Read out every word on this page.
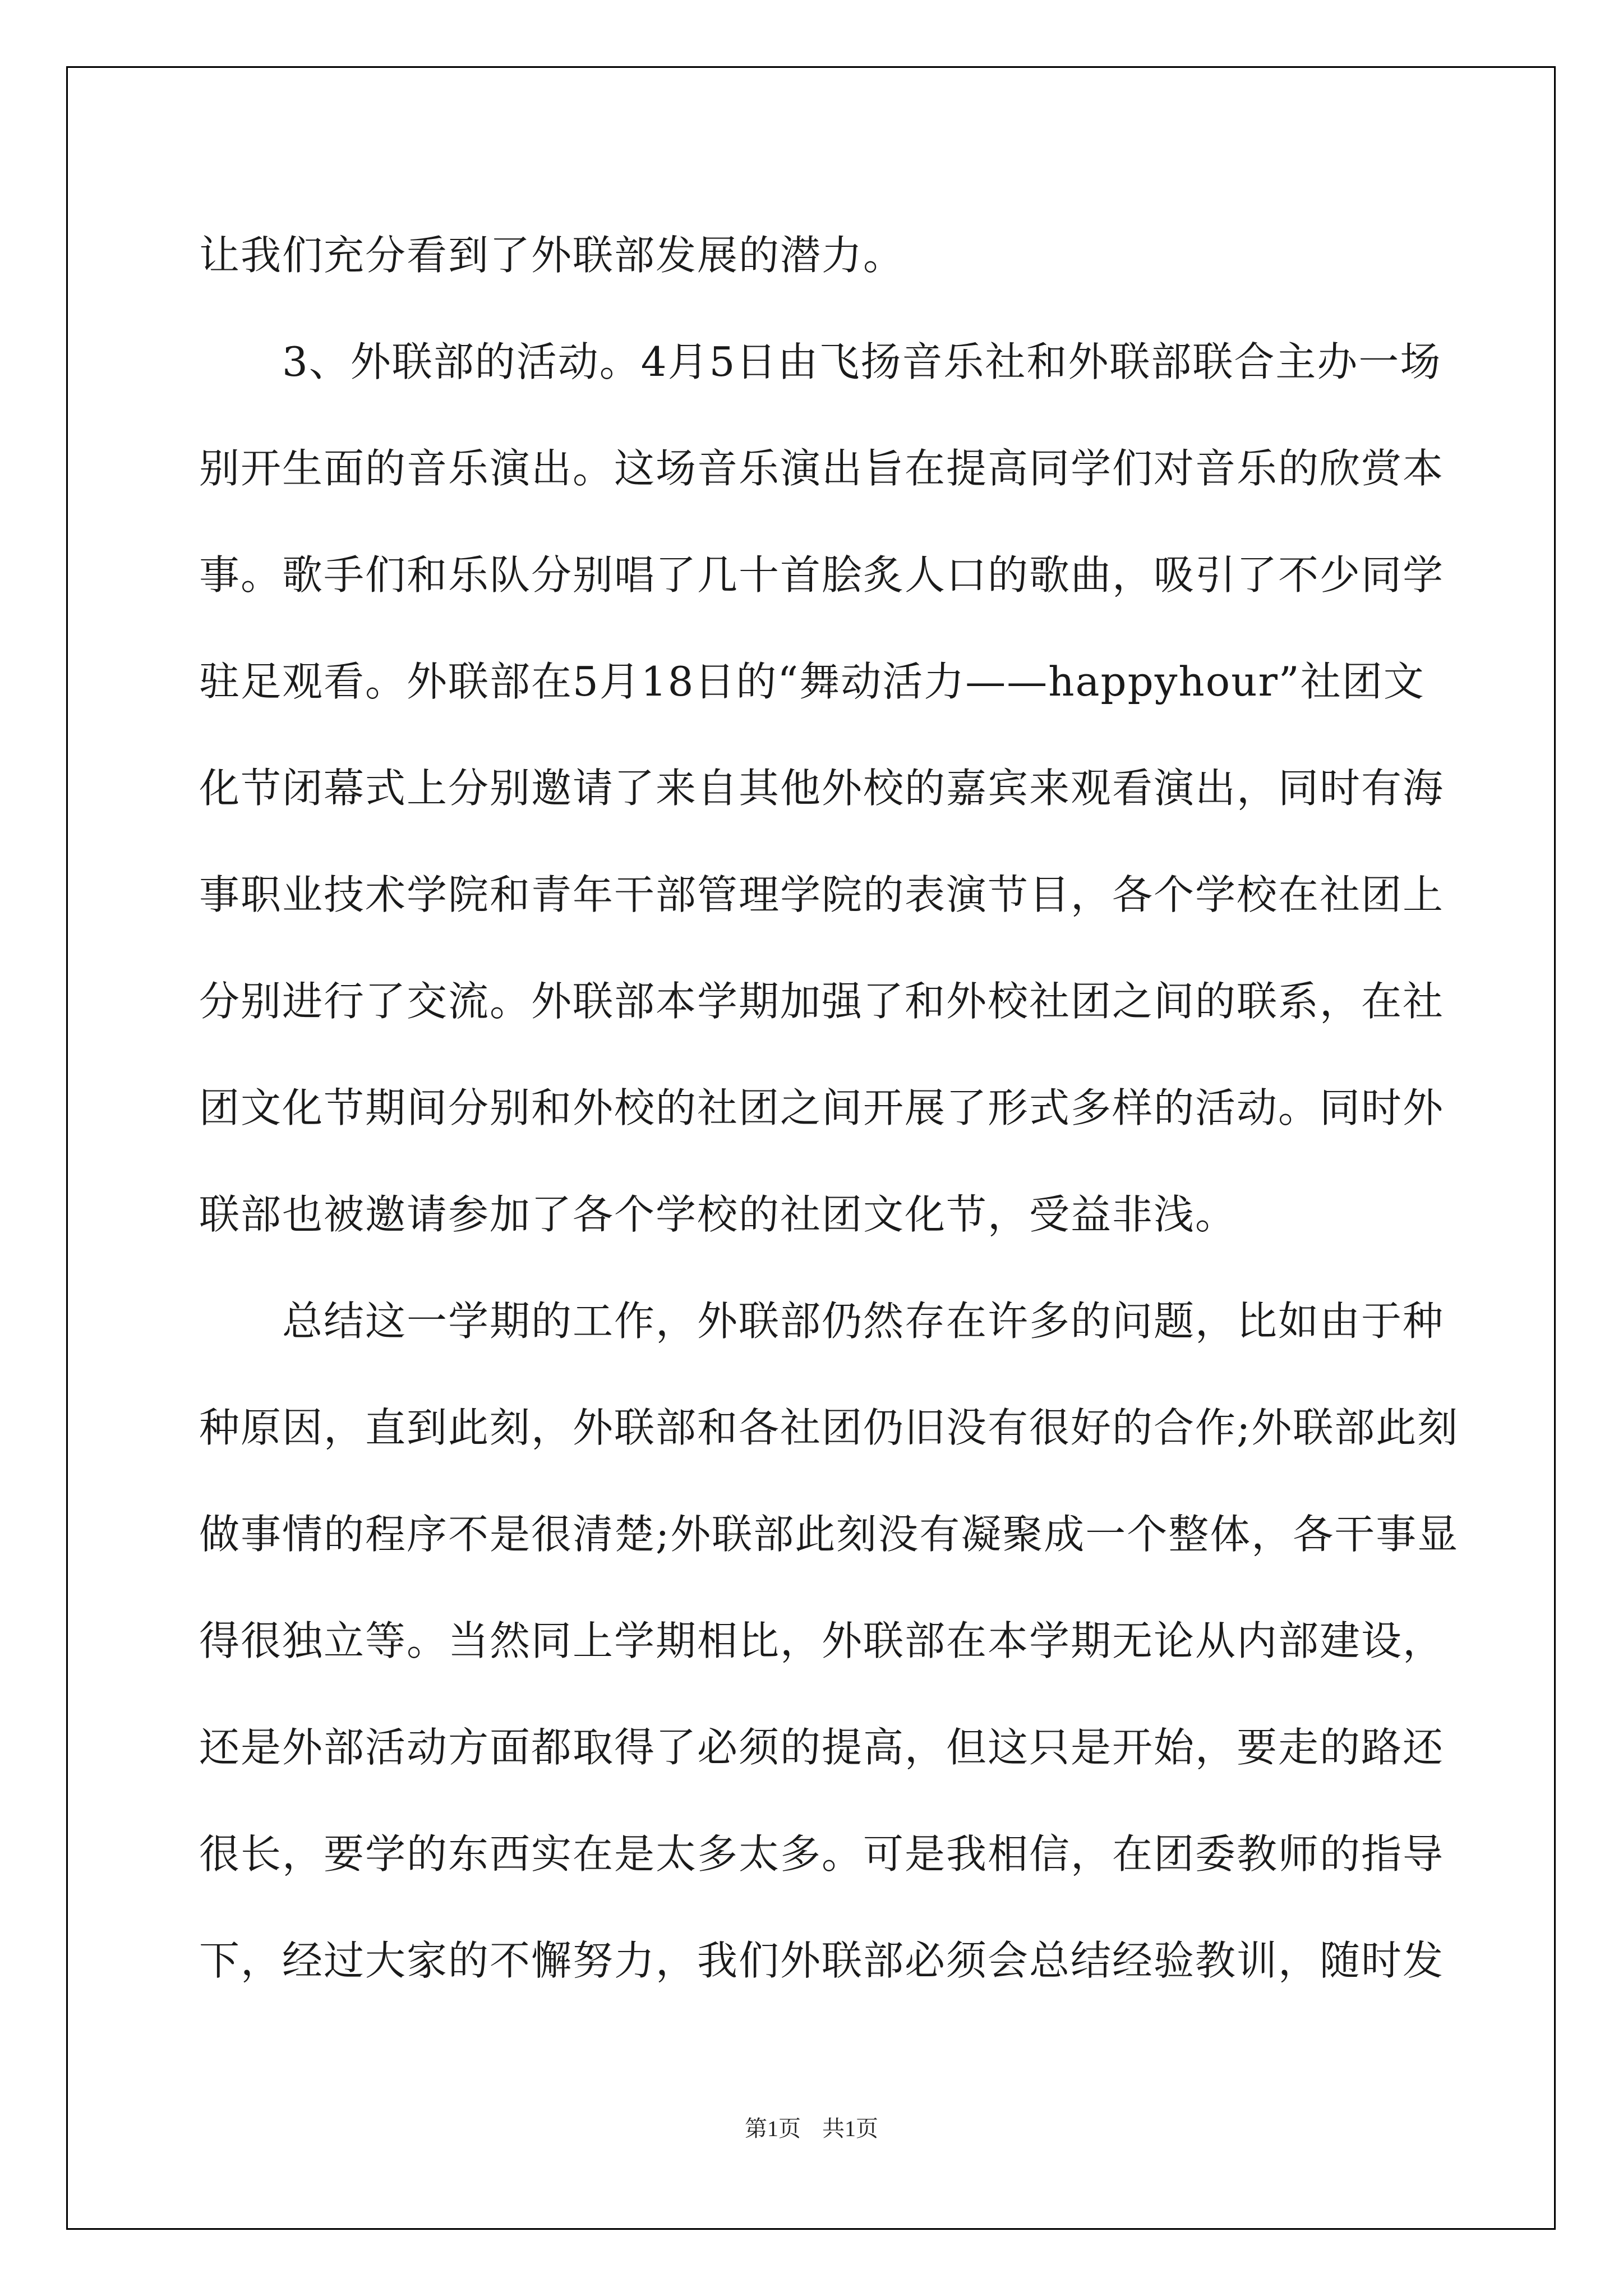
让我们充分看到了外联部发展的潜力。
3、外联部的活动。4月5日由飞扬音乐社和外联部联合主办一场
别开生面的音乐演出。这场音乐演出旨在提高同学们对音乐的欣赏本
事。歌手们和乐队分别唱了几十首脍炙人口的歌曲，吸引了不少同学
驻足观看。外联部在5月18日的“舞动活力——happyhour”社团文
化节闭幕式上分别邀请了来自其他外校的嘉宾来观看演出，同时有海
事职业技术学院和青年干部管理学院的表演节目，各个学校在社团上
分别进行了交流。外联部本学期加强了和外校社团之间的联系，在社
团文化节期间分别和外校的社团之间开展了形式多样的活动。同时外
联部也被邀请参加了各个学校的社团文化节，受益非浅。
总结这一学期的工作，外联部仍然存在许多的问题，比如由于种
种原因，直到此刻，外联部和各社团仍旧没有很好的合作;外联部此刻
做事情的程序不是很清楚;外联部此刻没有凝聚成一个整体，各干事显
得很独立等。当然同上学期相比，外联部在本学期无论从内部建设，
还是外部活动方面都取得了必须的提高，但这只是开始，要走的路还
很长，要学的东西实在是太多太多。可是我相信，在团委教师的指导
下，经过大家的不懈努力，我们外联部必须会总结经验教训，随时发
第1页 共1页
